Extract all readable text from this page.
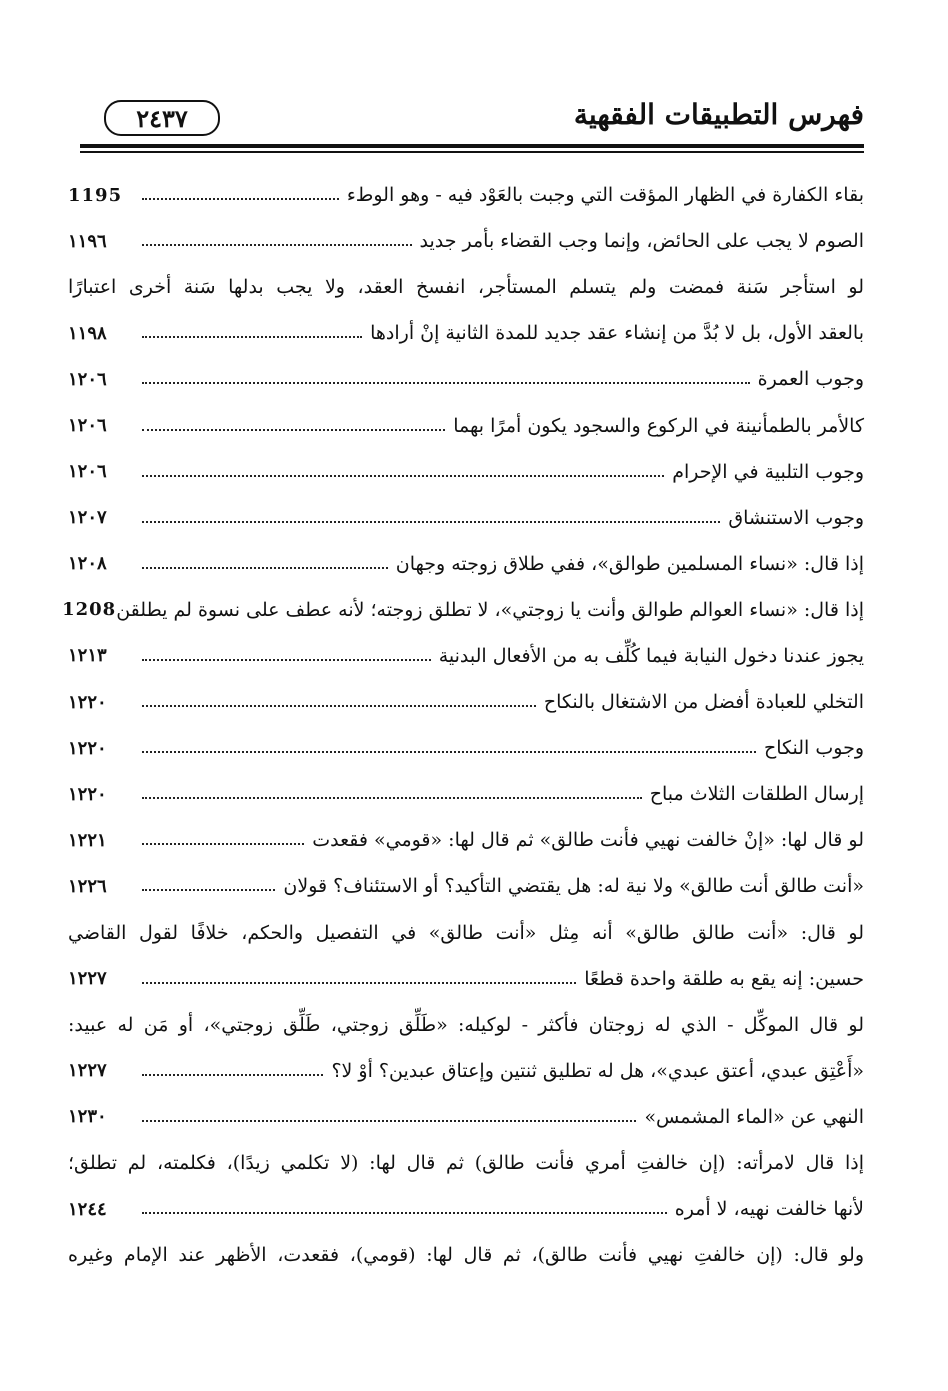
فهرس التطبيقات الفقهية
٢٤٣٧
بقاء الكفارة في الظهار المؤقت التي وجبت بالعَوْد فيه - وهو الوطء
1195
الصوم لا يجب على الحائض، وإنما وجب القضاء بأمر جديد
١١٩٦
لو استأجر سَنة فمضت ولم يتسلم المستأجر، انفسخ العقد، ولا يجب بدلها سَنة أخرى اعتبارًا
بالعقد الأول، بل لا بُدَّ من إنشاء عقد جديد للمدة الثانية إنْ أرادها
١١٩٨
وجوب العمرة
١٢٠٦
كالأمر بالطمأنينة في الركوع والسجود يكون أمرًا بهما
١٢٠٦
وجوب التلبية في الإحرام
١٢٠٦
وجوب الاستنشاق
١٢٠٧
إذا قال: «نساء المسلمين طوالق»، ففي طلاق زوجته وجهان
١٢٠٨
إذا قال: «نساء العوالم طوالق وأنت يا زوجتي»، لا تطلق زوجته؛ لأنه عطف على نسوة لم يطلقن
1208
يجوز عندنا دخول النيابة فيما كُلِّف به من الأفعال البدنية
١٢١٣
التخلي للعبادة أفضل من الاشتغال بالنكاح
١٢٢٠
وجوب النكاح
١٢٢٠
إرسال الطلقات الثلاث مباح
١٢٢٠
لو قال لها: «إنْ خالفت نهيي فأنت طالق» ثم قال لها: «قومي» فقعدت
١٢٢١
«أنت طالق أنت طالق» ولا نية له: هل يقتضي التأكيد؟ أو الاستئناف؟ قولان
١٢٢٦
لو قال: «أنت طالق طالق» أنه مِثل «أنت طالق» في التفصيل والحكم، خلافًا لقول القاضي
حسين: إنه يقع به طلقة واحدة قطعًا
١٢٢٧
لو قال الموكِّل - الذي له زوجتان فأكثر - لوكيله: «طَلِّق زوجتي، طَلِّق زوجتي»، أو مَن له عبيد:
«أَعْتِق عبدي، أعتق عبدي»، هل له تطليق ثنتين وإعتاق عبدين؟ أوْ لا؟
١٢٢٧
النهي عن «الماء المشمس»
١٢٣٠
إذا قال لامرأته: (إن خالفتِ أمري فأنت طالق) ثم قال لها: (لا تكلمي زيدًا)، فكلمته، لم تطلق؛
لأنها خالفت نهيه، لا أمره
١٢٤٤
ولو قال: (إن خالفتِ نهيي فأنت طالق)، ثم قال لها: (قومي)، فقعدت، الأظهر عند الإمام وغيره
